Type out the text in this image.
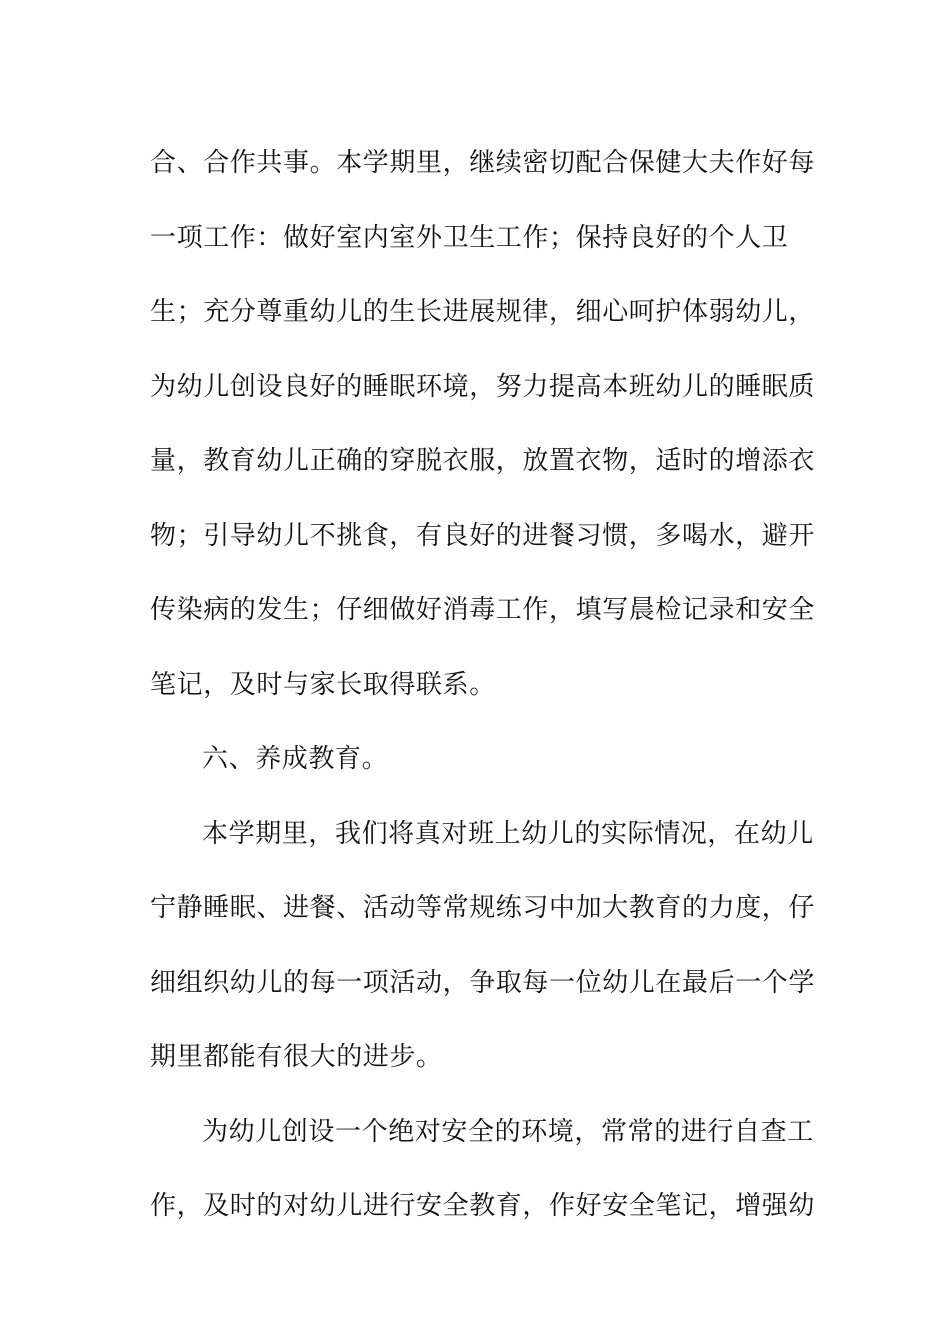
合、合作共事。本学期里，继续密切配合保健大夫作好每
一项工作：做好室内室外卫生工作；保持良好的个人卫
生；充分尊重幼儿的生长进展规律，细心呵护体弱幼儿，
为幼儿创设良好的睡眠环境，努力提高本班幼儿的睡眠质
量，教育幼儿正确的穿脱衣服，放置衣物，适时的增添衣
物；引导幼儿不挑食，有良好的进餐习惯，多喝水，避开
传染病的发生；仔细做好消毒工作，填写晨检记录和安全
笔记，及时与家长取得联系。
六、养成教育。
本学期里，我们将真对班上幼儿的实际情况，在幼儿
宁静睡眠、进餐、活动等常规练习中加大教育的力度，仔
细组织幼儿的每一项活动，争取每一位幼儿在最后一个学
期里都能有很大的进步。
为幼儿创设一个绝对安全的环境，常常的进行自查工
作，及时的对幼儿进行安全教育，作好安全笔记，增强幼
